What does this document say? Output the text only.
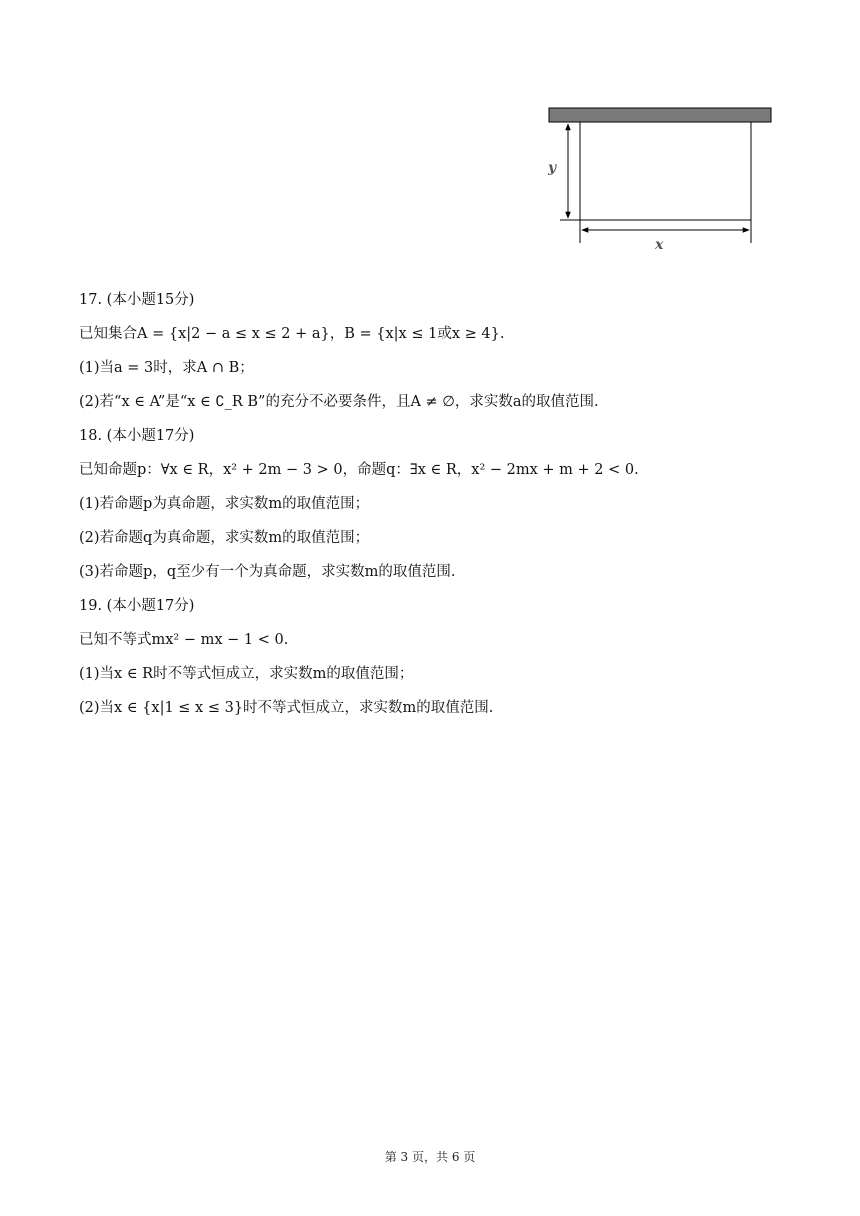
y
x
17. (本小题15分)
已知集合A = {x|2 − a ≤ x ≤ 2 + a}，B = {x|x ≤ 1或x ≥ 4}.
(1)当a = 3时，求A ∩ B；
(2)若“x ∈ A”是“x ∈ ∁_R B”的充分不必要条件，且A ≠ ∅，求实数a的取值范围.
18. (本小题17分)
已知命题p：∀x ∈ R，x² + 2m − 3 > 0，命题q：∃x ∈ R，x² − 2mx + m + 2 < 0.
(1)若命题p为真命题，求实数m的取值范围；
(2)若命题q为真命题，求实数m的取值范围；
(3)若命题p，q至少有一个为真命题，求实数m的取值范围.
19. (本小题17分)
已知不等式mx² − mx − 1 < 0.
(1)当x ∈ R时不等式恒成立，求实数m的取值范围；
(2)当x ∈ {x|1 ≤ x ≤ 3}时不等式恒成立，求实数m的取值范围.
第 3 页，共 6 页
